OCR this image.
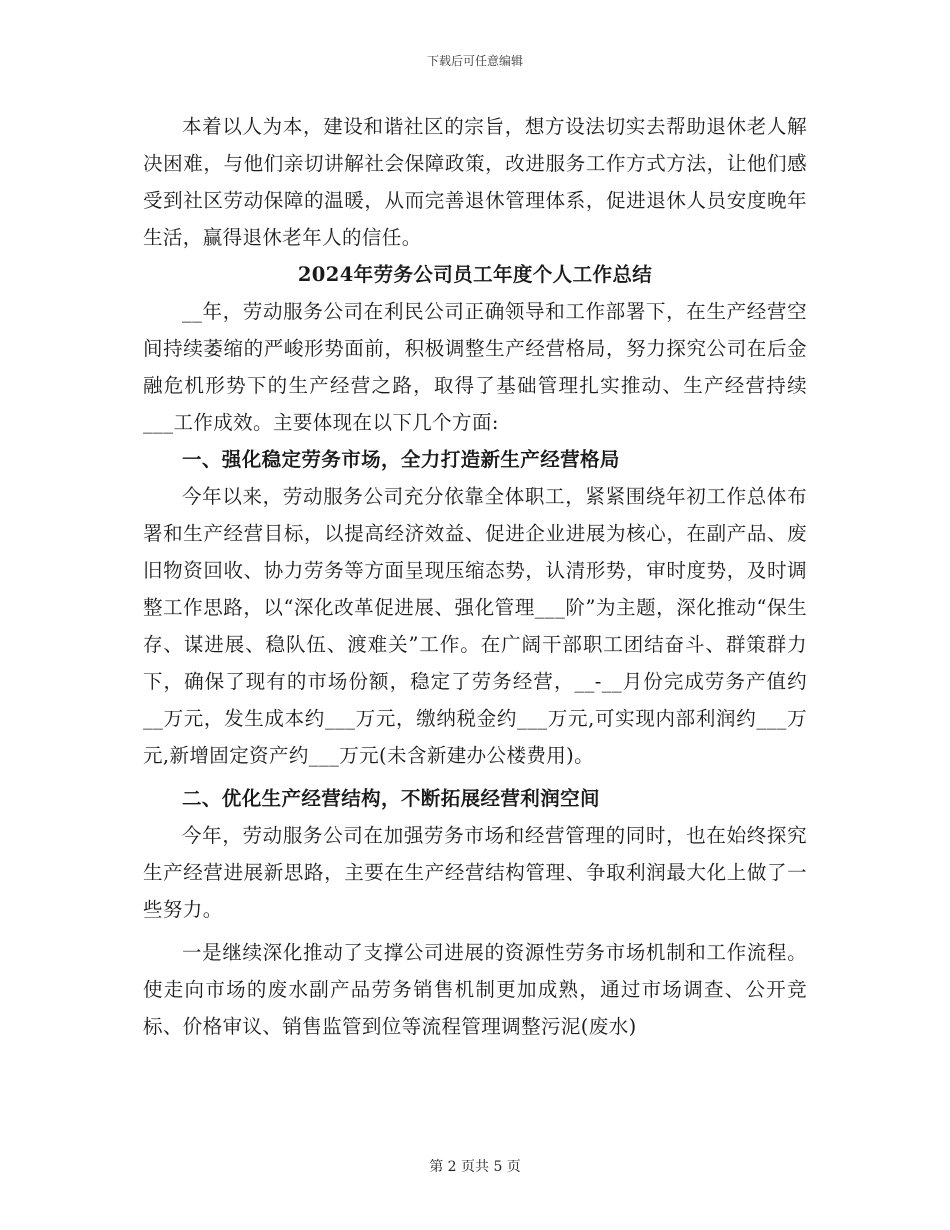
下载后可任意编辑

本着以人为本，建设和谐社区的宗旨，想方设法切实去帮助退休老人解决困难，与他们亲切讲解社会保障政策，改进服务工作方式方法，让他们感受到社区劳动保障的温暖，从而完善退休管理体系，促进退休人员安度晚年生活，赢得退休老年人的信任。

2024年劳务公司员工年度个人工作总结

__年，劳动服务公司在利民公司正确领导和工作部署下，在生产经营空间持续萎缩的严峻形势面前，积极调整生产经营格局，努力探究公司在后金融危机形势下的生产经营之路，取得了基础管理扎实推动、生产经营持续___工作成效。主要体现在以下几个方面:

一、强化稳定劳务市场，全力打造新生产经营格局

今年以来，劳动服务公司充分依靠全体职工，紧紧围绕年初工作总体布署和生产经营目标，以提高经济效益、促进企业进展为核心，在副产品、废旧物资回收、协力劳务等方面呈现压缩态势，认清形势，审时度势，及时调整工作思路，以“深化改革促进展、强化管理___阶”为主题，深化推动“保生存、谋进展、稳队伍、渡难关”工作。在广阔干部职工团结奋斗、群策群力下，确保了现有的市场份额，稳定了劳务经营，__-__月份完成劳务产值约__万元，发生成本约___万元，缴纳税金约___万元,可实现内部利润约___万元,新增固定资产约___万元(未含新建办公楼费用)。

二、优化生产经营结构，不断拓展经营利润空间

今年，劳动服务公司在加强劳务市场和经营管理的同时，也在始终探究生产经营进展新思路，主要在生产经营结构管理、争取利润最大化上做了一些努力。

一是继续深化推动了支撑公司进展的资源性劳务市场机制和工作流程。使走向市场的废水副产品劳务销售机制更加成熟，通过市场调查、公开竞标、价格审议、销售监管到位等流程管理调整污泥(废水)

第 2 页共 5 页
